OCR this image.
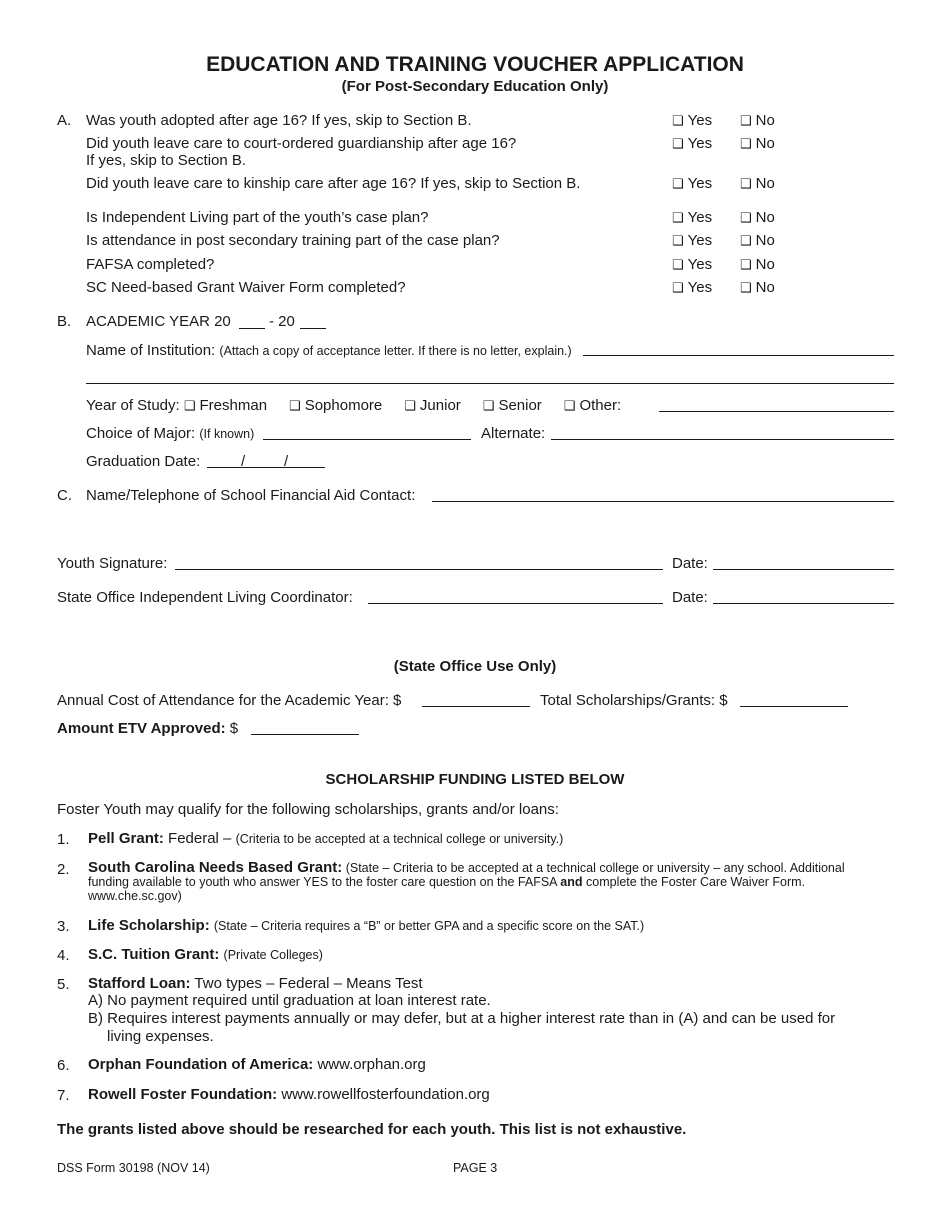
EDUCATION AND TRAINING VOUCHER APPLICATION
(For Post-Secondary Education Only)
A. Was youth adopted after age 16? If yes, skip to Section B.	❑ Yes ❑ No
Did youth leave care to court-ordered guardianship after age 16?
If yes, skip to Section B.
❑ Yes ❑ No
Did youth leave care to kinship care after age 16? If yes, skip to Section B.	❑ Yes ❑ No
Is Independent Living part of the youth’s case plan?	❑ Yes ❑ No
Is attendance in post secondary training part of the case plan?	❑ Yes ❑ No
FAFSA completed?	❑ Yes ❑ No
SC Need-based Grant Waiver Form completed?	❑ Yes ❑ No
B. ACADEMIC YEAR 20	- 20
Name of Institution: (Attach a copy of acceptance letter. If there is no letter, explain.)
Year of Study: ❑ Freshman ❑ Sophomore ❑ Junior ❑ Senior ❑ Other:
Choice of Major: (If known)	Alternate:
Graduation Date:	/	/
C. Name/Telephone of School Financial Aid Contact:
Youth Signature:	Date:
State Office Independent Living Coordinator:	Date:
(State Office Use Only)
Annual Cost of Attendance for the Academic Year: $	Total Scholarships/Grants: $
Amount ETV Approved: $
SCHOLARSHIP FUNDING LISTED BELOW
Foster Youth may qualify for the following scholarships, grants and/or loans:
1. Pell Grant: Federal – (Criteria to be accepted at a technical college or university.)
2. South Carolina Needs Based Grant: (State – Criteria to be accepted at a technical college or university – any school. Additional funding available to youth who answer YES to the foster care question on the FAFSA and complete the Foster Care Waiver Form. www.che.sc.gov)
3. Life Scholarship: (State – Criteria requires a “B” or better GPA and a specific score on the SAT.)
4. S.C. Tuition Grant: (Private Colleges)
5. Stafford Loan: Two types – Federal – Means Test
A) No payment required until graduation at loan interest rate.
B) Requires interest payments annually or may defer, but at a higher interest rate than in (A) and can be used for
living expenses.
6. Orphan Foundation of America: www.orphan.org
7. Rowell Foster Foundation: www.rowellfosterfoundation.org
The grants listed above should be researched for each youth. This list is not exhaustive.
DSS Form 30198 (NOV 14)	PAGE 3
